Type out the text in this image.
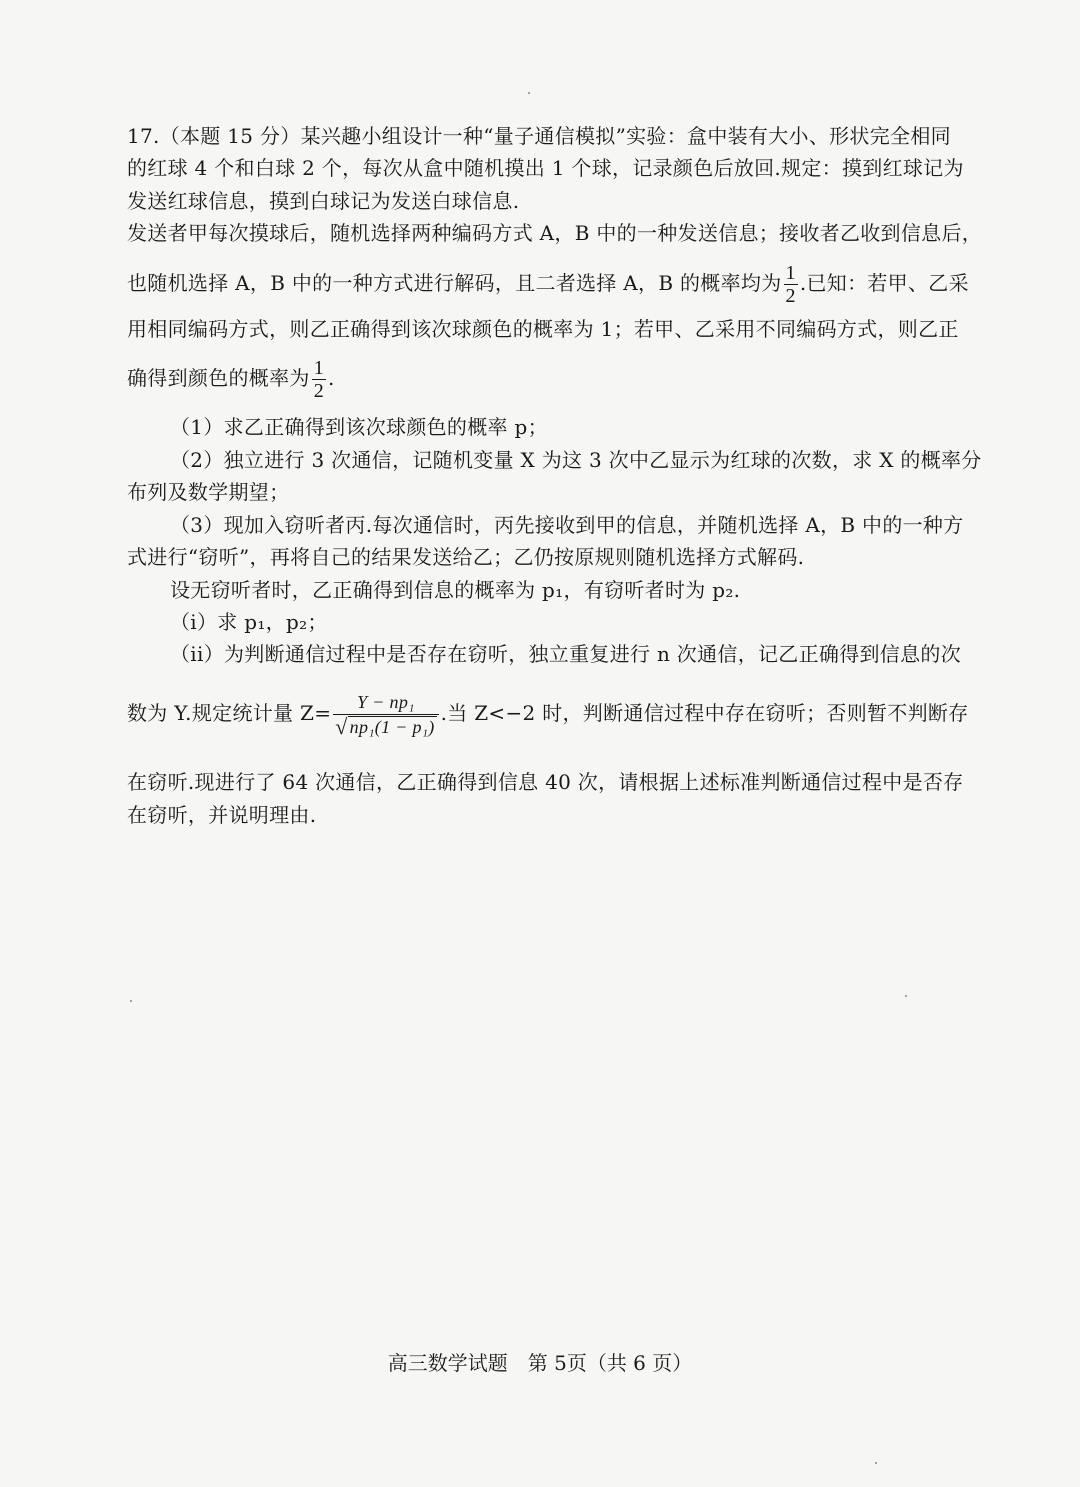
17.（本题 15 分）某兴趣小组设计一种“量子通信模拟”实验：盒中装有大小、形状完全相同
的红球 4 个和白球 2 个，每次从盒中随机摸出 1 个球，记录颜色后放回.规定：摸到红球记为
发送红球信息，摸到白球记为发送白球信息.
发送者甲每次摸球后，随机选择两种编码方式 A，B 中的一种发送信息；接收者乙收到信息后，
也随机选择 A，B 中的一种方式进行解码，且二者选择 A，B 的概率均为 $\frac{1}{2}$ .已知：若甲、乙采
用相同编码方式，则乙正确得到该次球颜色的概率为 1；若甲、乙采用不同编码方式，则乙正
确得到颜色的概率为 $\frac{1}{2}$ .
（1）求乙正确得到该次球颜色的概率 p；
（2）独立进行 3 次通信，记随机变量 X 为这 3 次中乙显示为红球的次数，求 X 的概率分
布列及数学期望；
（3）现加入窃听者丙.每次通信时，丙先接收到甲的信息，并随机选择 A，B 中的一种方
式进行“窃听”，再将自己的结果发送给乙；乙仍按原规则随机选择方式解码.
设无窃听者时，乙正确得到信息的概率为 p₁，有窃听者时为 p₂.
（i）求 p₁，p₂；
（ii）为判断通信过程中是否存在窃听，独立重复进行 n 次通信，记乙正确得到信息的次
数为 Y.规定统计量 $Z= \frac{\text{Y − np₁}}{\text{√ np₁(1 − p₁)}}$ .当 Z<−2 时，判断通信过程中存在窃听；否则暂不判断存
在窃听.现进行了 64 次通信，乙正确得到信息 40 次，请根据上述标准判断通信过程中是否存
在窃听，并说明理由.
高三数学试题　第 5页（共 6 页）
